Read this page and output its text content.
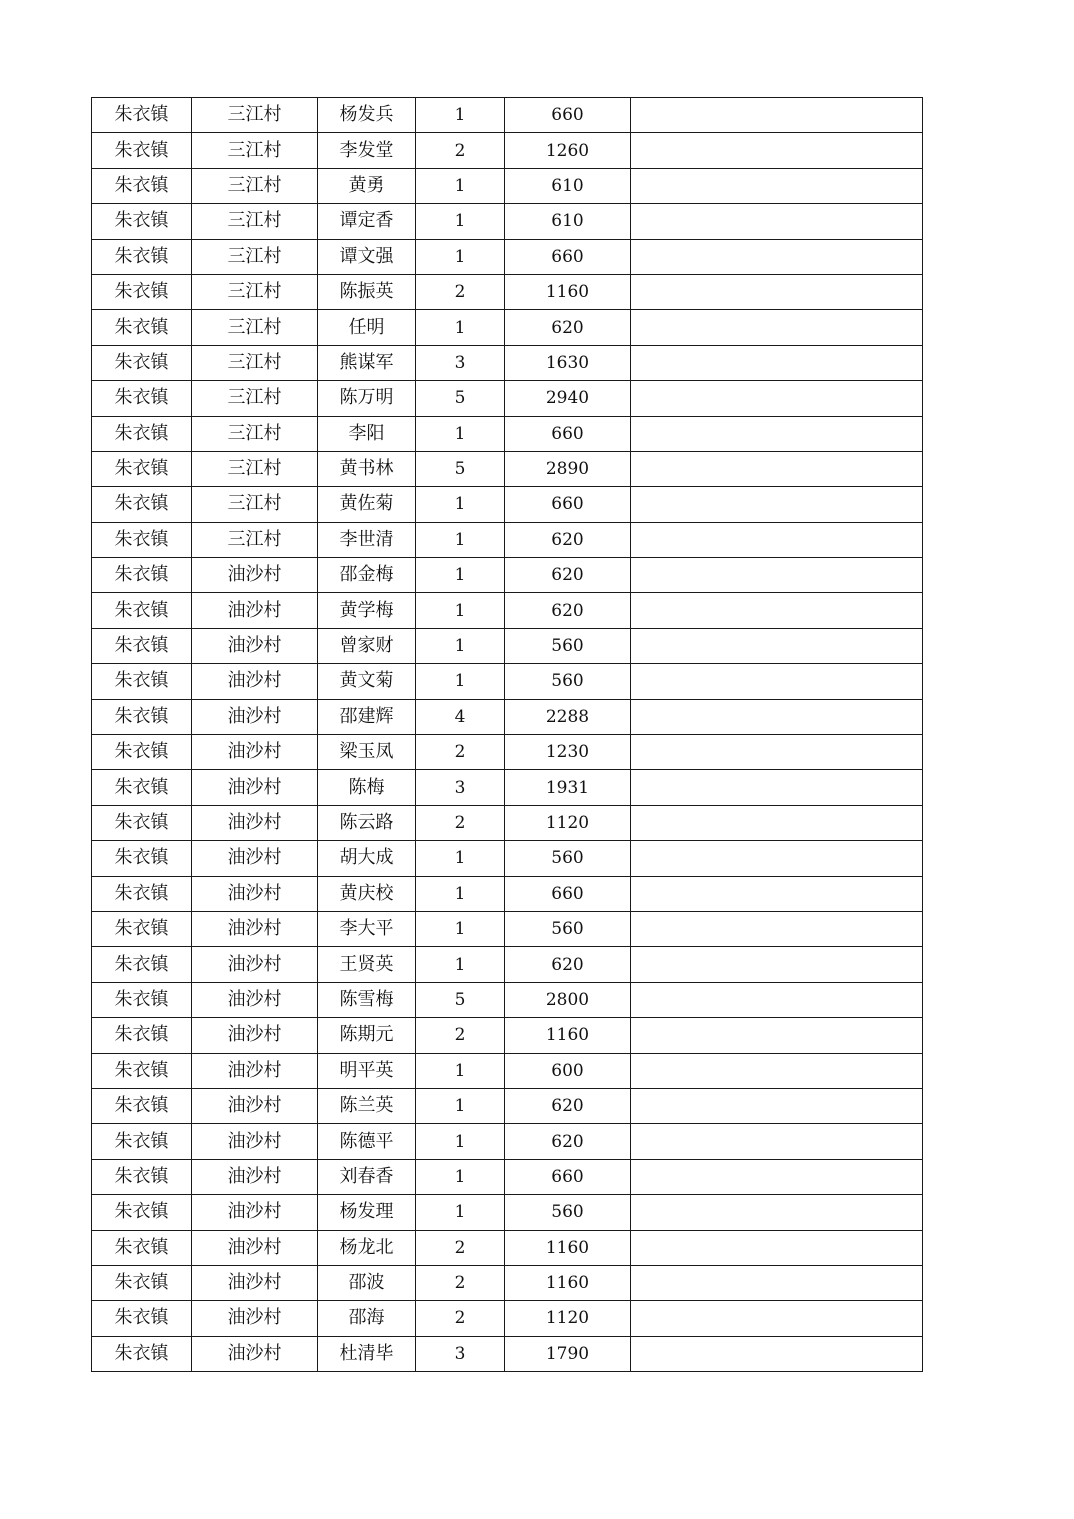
朱衣镇	三江村	杨发兵	1	660	
朱衣镇	三江村	李发堂	2	1260	
朱衣镇	三江村	黄勇	1	610	
朱衣镇	三江村	谭定香	1	610	
朱衣镇	三江村	谭文强	1	660	
朱衣镇	三江村	陈振英	2	1160	
朱衣镇	三江村	任明	1	620	
朱衣镇	三江村	熊谋军	3	1630	
朱衣镇	三江村	陈万明	5	2940	
朱衣镇	三江村	李阳	1	660	
朱衣镇	三江村	黄书林	5	2890	
朱衣镇	三江村	黄佐菊	1	660	
朱衣镇	三江村	李世清	1	620	
朱衣镇	油沙村	邵金梅	1	620	
朱衣镇	油沙村	黄学梅	1	620	
朱衣镇	油沙村	曾家财	1	560	
朱衣镇	油沙村	黄文菊	1	560	
朱衣镇	油沙村	邵建辉	4	2288	
朱衣镇	油沙村	梁玉凤	2	1230	
朱衣镇	油沙村	陈梅	3	1931	
朱衣镇	油沙村	陈云路	2	1120	
朱衣镇	油沙村	胡大成	1	560	
朱衣镇	油沙村	黄庆校	1	660	
朱衣镇	油沙村	李大平	1	560	
朱衣镇	油沙村	王贤英	1	620	
朱衣镇	油沙村	陈雪梅	5	2800	
朱衣镇	油沙村	陈期元	2	1160	
朱衣镇	油沙村	明平英	1	600	
朱衣镇	油沙村	陈兰英	1	620	
朱衣镇	油沙村	陈德平	1	620	
朱衣镇	油沙村	刘春香	1	660	
朱衣镇	油沙村	杨发理	1	560	
朱衣镇	油沙村	杨龙北	2	1160	
朱衣镇	油沙村	邵波	2	1160	
朱衣镇	油沙村	邵海	2	1120	
朱衣镇	油沙村	杜清毕	3	1790	
